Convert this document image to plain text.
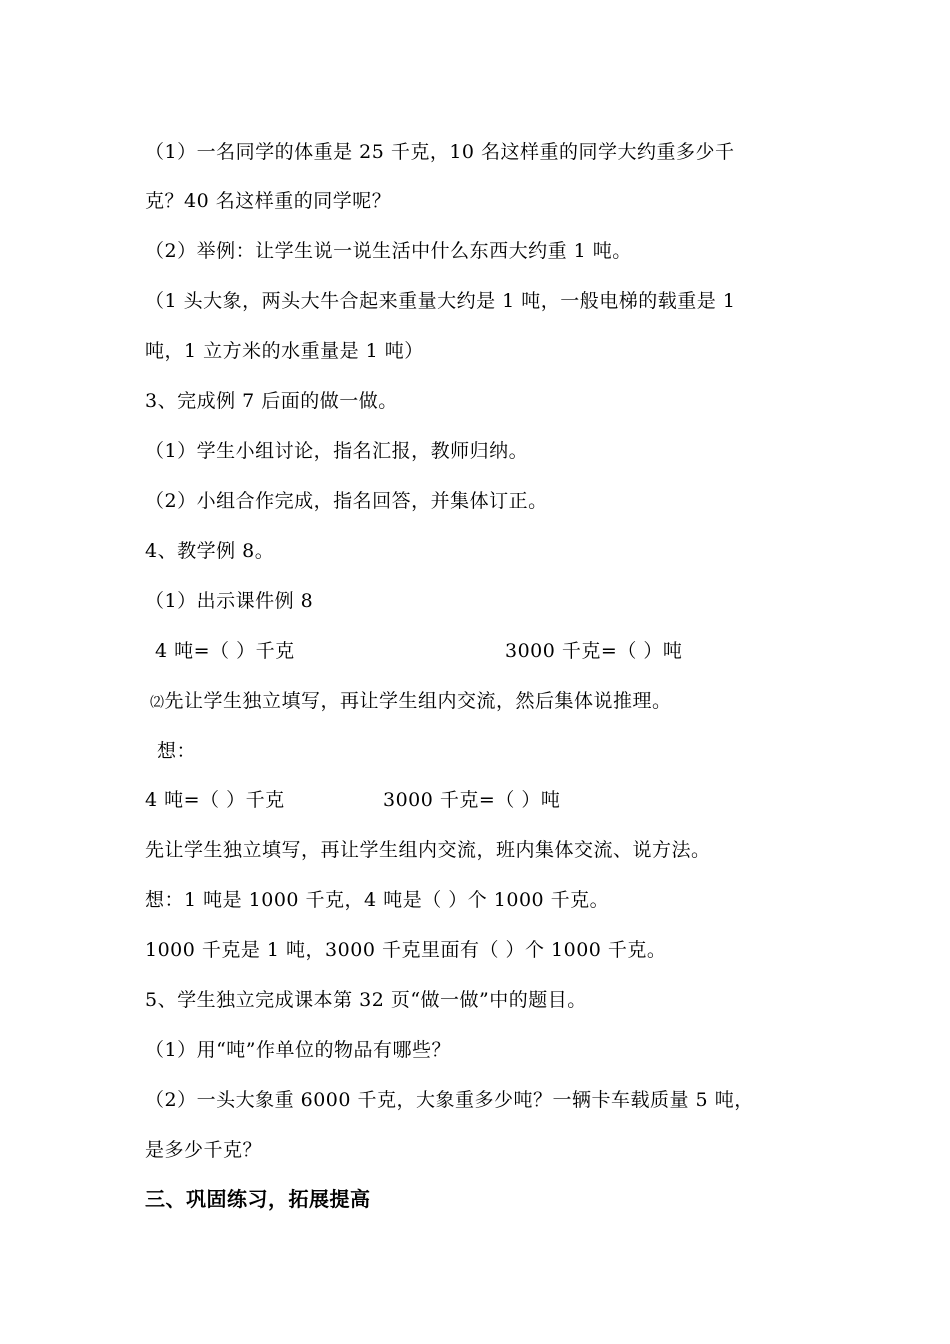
（1）一名同学的体重是 25 千克，10 名这样重的同学大约重多少千
克？40 名这样重的同学呢？
（2）举例：让学生说一说生活中什么东西大约重 1 吨。
（1 头大象，两头大牛合起来重量大约是 1 吨，一般电梯的载重是 1
吨，1 立方米的水重量是 1 吨）
3、完成例 7 后面的做一做。
（1）学生小组讨论，指名汇报，教师归纳。
（2）小组合作完成，指名回答，并集体订正。
4、教学例 8。
（1）出示课件例 8
4 吨=（ ）千克	3000 千克=（ ）吨
⑵先让学生独立填写，再让学生组内交流，然后集体说推理。
想：
4 吨=（ ）千克	3000 千克=（ ）吨
先让学生独立填写，再让学生组内交流，班内集体交流、说方法。
想：1 吨是 1000 千克，4 吨是（ ）个 1000 千克。
1000 千克是 1 吨，3000 千克里面有（ ）个 1000 千克。
5、学生独立完成课本第 32 页“做一做”中的题目。
（1）用“吨”作单位的物品有哪些？
（2）一头大象重 6000 千克，大象重多少吨？一辆卡车载质量 5 吨，
是多少千克？
三、巩固练习，拓展提高
